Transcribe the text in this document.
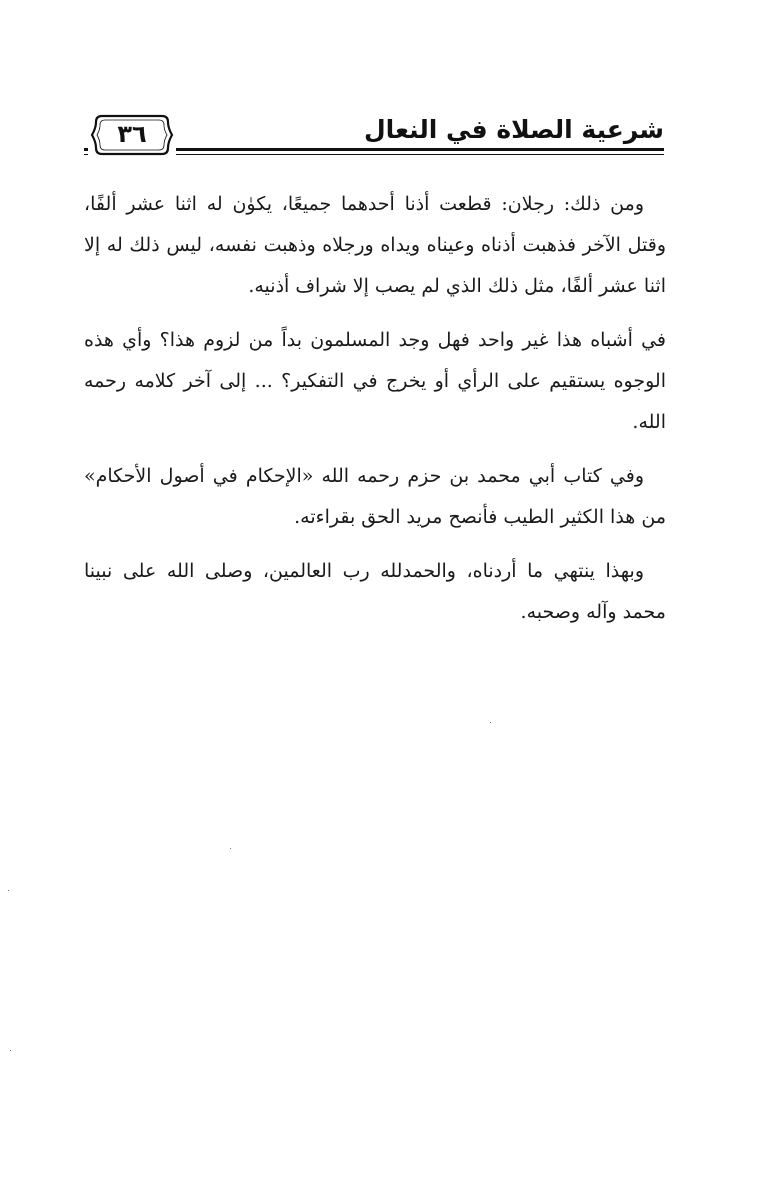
٣٦	شرعية الصلاة في النعال

ومن ذلك: رجلان: قطعت أذنا أحدهما جميعًا، يكوٰن له اثنا عشر ألفًا، وقتل الآخر فذهبت أذناه وعيناه ويداه ورجلاه وذهبت نفسه، ليس ذلك له إلا اثنا عشر ألفًا، مثل ذلك الذي لم يصب إلا شراف أذنيه.

في أشباه هذا غير واحد فهل وجد المسلمون بداً من لزوم هذا؟ وأي هذه الوجوه يستقيم على الرأي أو يخرج في التفكير؟ ... إلى آخر كلامه رحمه الله.

وفي كتاب أبي محمد بن حزم رحمه الله «الإحكام في أصول الأحكام» من هذا الكثير الطيب فأنصح مريد الحق بقراءته.

وبهذا ينتهي ما أردناه، والحمدلله رب العالمين، وصلى الله على نبينا محمد وآله وصحبه.
